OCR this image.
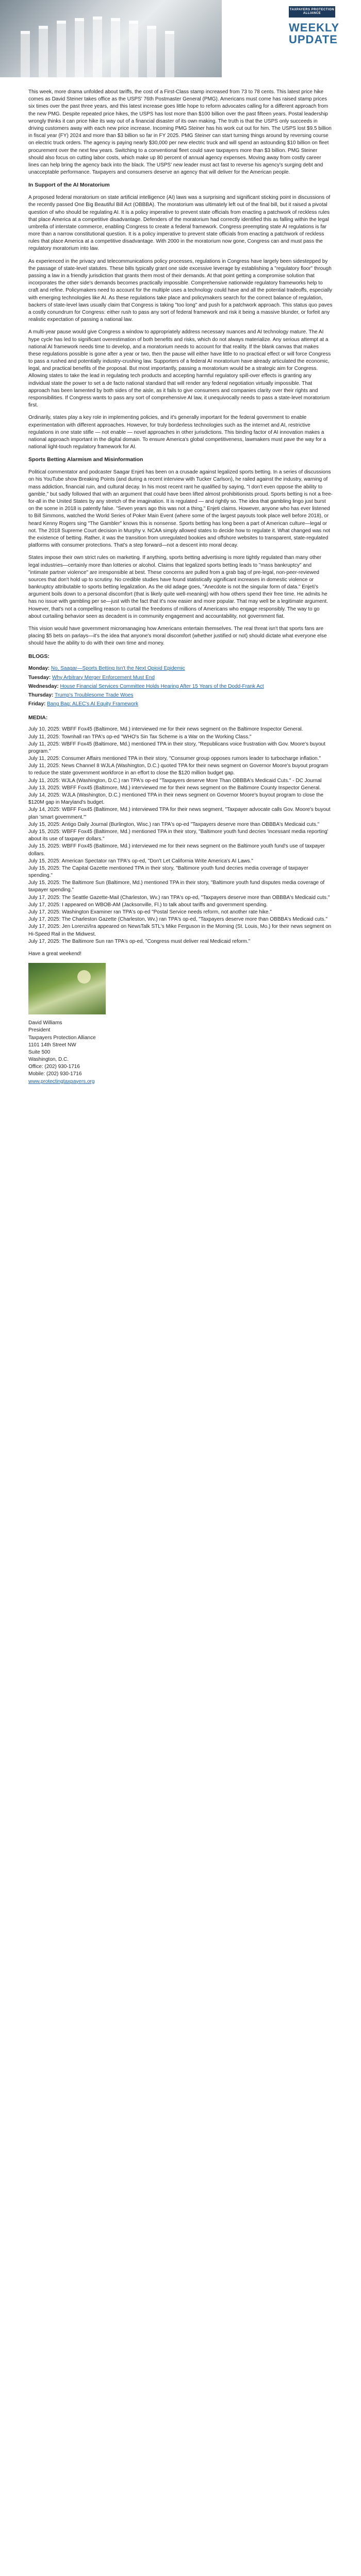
TAXPAYERS PROTECTION ALLIANCE
WEEKLY
UPDATE

This week, more drama unfolded about tariffs, the cost of a First-Class stamp increased from 73 to 78 cents. This latest price hike comes as David Steiner takes office as the USPS' 76th Postmaster General (PMG). Americans must come has raised stamp prices six times over the past three years, and this latest increase goes little hope to reform advocates calling for a different approach from the new PMG. Despite repeated price hikes, the USPS has lost more than $100 billion over the past fifteen years. Postal leadership wrongly thinks it can price hike its way out of a financial disaster of its own making. The truth is that the USPS only succeeds in driving customers away with each new price increase. Incoming PMG Steiner has his work cut out for him. The USPS lost $9.5 billion in fiscal year (FY) 2024 and more than $3 billion so far in FY 2025. PMG Steiner can start turning things around by reversing course on electric truck orders. The agency is paying nearly $30,000 per new electric truck and will spend an astounding $10 billion on fleet procurement over the next few years. Switching to a conventional fleet could save taxpayers more than $3 billion. PMG Steiner should also focus on cutting labor costs, which make up 80 percent of annual agency expenses. Moving away from costly career lines can help bring the agency back into the black. The USPS' new leader must act fast to reverse his agency's surging debt and unacceptable performance. Taxpayers and consumers deserve an agency that will deliver for the American people.

In Support of the AI Moratorium

A proposed federal moratorium on state artificial intelligence (AI) laws was a surprising and significant sticking point in discussions of the recently passed One Big Beautiful Bill Act (OBBBA). The moratorium was ultimately left out of the final bill, but it raised a pivotal question of who should be regulating AI. It is a policy imperative to prevent state officials from enacting a patchwork of reckless rules that place America at a competitive disadvantage. Defenders of the moratorium had correctly identified this as falling within the legal umbrella of interstate commerce, enabling Congress to create a federal framework. Congress preempting state AI regulations is far more than a narrow constitutional question. It is a policy imperative to prevent state officials from enacting a patchwork of reckless rules that place America at a competitive disadvantage. With 2000 in the moratorium now gone, Congress can and must pass the regulatory moratorium into law.

As experienced in the privacy and telecommunications policy processes, regulations in Congress have largely been sidestepped by the passage of state-level statutes. These bills typically grant one side excessive leverage by establishing a "regulatory floor" through passing a law in a friendly jurisdiction that grants them most of their demands. At that point getting a compromise solution that incorporates the other side's demands becomes practically impossible. Comprehensive nationwide regulatory frameworks help to craft and refine. Policymakers need to account for the multiple uses a technology could have and all the potential tradeoffs, especially with emerging technologies like AI. As these regulations take place and policymakers search for the correct balance of regulation, backers of state-level laws usually claim that Congress is taking "too long" and push for a patchwork approach. This status quo paves a costly conundrum for Congress: either rush to pass any sort of federal framework and risk it being a massive blunder, or forfeit any realistic expectation of passing a national law.

A multi-year pause would give Congress a window to appropriately address necessary nuances and AI technology mature. The AI hype cycle has led to significant overestimation of both benefits and risks, which do not always materialize. Any serious attempt at a national AI framework needs time to develop, and a moratorium needs to account for that reality. If the blank canvas that makes these regulations possible is gone after a year or two, then the pause will either have little to no practical effect or will force Congress to pass a rushed and potentially industry-crushing law. Supporters of a federal AI moratorium have already articulated the economic, legal, and practical benefits of the proposal. But most importantly, passing a moratorium would be a strategic aim for Congress. Allowing states to take the lead in regulating tech products and accepting harmful regulatory spill-over effects is granting any individual state the power to set a de facto national standard that will render any federal negotiation virtually impossible. That approach has been lamented by both sides of the aisle, as it fails to give consumers and companies clarity over their rights and responsibilities. If Congress wants to pass any sort of comprehensive AI law, it unequivocally needs to pass a state-level moratorium first.

Ordinarily, states play a key role in implementing policies, and it's generally important for the federal government to enable experimentation with different approaches. However, for truly borderless technologies such as the internet and AI, restrictive regulations in one state stifle — not enable — novel approaches in other jurisdictions. This binding factor of AI innovation makes a national approach important in the digital domain. To ensure America's global competitiveness, lawmakers must pave the way for a national light-touch regulatory framework for AI.

Sports Betting Alarmism and Misinformation

Political commentator and podcaster Saagar Enjeti has been on a crusade against legalized sports betting. In a series of discussions on his YouTube show Breaking Points (and during a recent interview with Tucker Carlson), he railed against the industry, warning of mass addiction, financial ruin, and cultural decay. In his most recent rant he qualified by saying, "I don't even oppose the ability to gamble," but sadly followed that with an argument that could have been lifted almost prohibitionists proud. Sports betting is not a free-for-all in the United States by any stretch of the imagination. It is regulated — and rightly so. The idea that gambling lingo just burst on the scene in 2018 is patently false. "Seven years ago this was not a thing," Enjeti claims. However, anyone who has ever listened to Bill Simmons, watched the World Series of Poker Main Event (where some of the largest payouts took place well before 2018), or heard Kenny Rogers sing "The Gambler" knows this is nonsense. Sports betting has long been a part of American culture—legal or not. The 2018 Supreme Court decision in Murphy v. NCAA simply allowed states to decide how to regulate it. What changed was not the existence of betting. Rather, it was the transition from unregulated bookies and offshore websites to transparent, state-regulated platforms with consumer protections. That's a step forward—not a descent into moral decay.

States impose their own strict rules on marketing. If anything, sports betting advertising is more tightly regulated than many other legal industries—certainly more than lotteries or alcohol. Claims that legalized sports betting leads to "mass bankruptcy" and "intimate partner violence" are irresponsible at best. These concerns are pulled from a grab bag of pre-legal, non-peer-reviewed sources that don't hold up to scrutiny. No credible studies have found statistically significant increases in domestic violence or bankruptcy attributable to sports betting legalization. As the old adage goes, "Anecdote is not the singular form of data." Enjeti's argument boils down to a personal discomfort (that is likely quite well-meaning) with how others spend their free time. He admits he has no issue with gambling per se—just with the fact that it's now easier and more popular. That may well be a legitimate argument. However, that's not a compelling reason to curtail the freedoms of millions of Americans who engage responsibly. The way to go about curtailing behavior seen as decadent is in community engagement and accountability, not government fiat.

This vision would have government micromanaging how Americans entertain themselves. The real threat isn't that sports fans are placing $5 bets on parlays—it's the idea that anyone's moral discomfort (whether justified or not) should dictate what everyone else should have the ability to do with their own time and money.

BLOGS:
Monday: No, Saagar—Sports Betting Isn't the Next Opioid Epidemic
Tuesday: Why Arbitrary Merger Enforcement Must End
Wednesday: House Financial Services Committee Holds Hearing After 15 Years of the Dodd-Frank Act
Thursday: Trump's Troublesome Trade Woes
Friday: Bang Bag: ALEC's AI Equity Framework
MEDIA:
July 10, 2025: WBFF Fox45 (Baltimore, Md.) interviewed me for their news segment on the Baltimore Inspector General.
July 11, 2025: Townhall ran TPA's op-ed "WHO's Sin Tax Scheme is a War on the Working Class."
July 11, 2025: WBFF Fox45 (Baltimore, Md.) mentioned TPA in their story, "Republicans voice frustration with Gov. Moore's buyout program."
July 11, 2025: Consumer Affairs mentioned TPA in their story, "Consumer group opposes rumors leader to turbocharge inflation."
July 11, 2025: News Channel 8 WJLA (Washington, D.C.) quoted TPA for their news segment on Governor Moore's buyout program to reduce the state government workforce in an effort to close the $120 million budget gap.
July 11, 2025: WJLA (Washington, D.C.) ran TPA's op-ed "Taxpayers deserve More Than OBBBA's Medicaid Cuts." - DC Journal
July 13, 2025: WBFF Fox45 (Baltimore, Md.) interviewed me for their news segment on the Baltimore County Inspector General.
July 14, 2025: WJLA (Washington, D.C.) mentioned TPA in their news segment on Governor Moore's buyout program to close the $120M gap in Maryland's budget.
July 14, 2025: WBFF Fox45 (Baltimore, Md.) interviewed TPA for their news segment, "Taxpayer advocate calls Gov. Moore's buyout plan 'smart government.'"
July 15, 2025: Antigo Daily Journal (Burlington, Wisc.) ran TPA's op-ed "Taxpayers deserve more than OBBBA's Medicaid cuts."
July 15, 2025: WBFF Fox45 (Baltimore, Md.) mentioned TPA in their story, "Baltimore youth fund decries 'incessant media reporting' about its use of taxpayer dollars."
July 15, 2025: WBFF Fox45 (Baltimore, Md.) interviewed me for their news segment on the Baltimore youth fund's use of taxpayer dollars.
July 15, 2025: American Spectator ran TPA's op-ed, "Don't Let California Write America's AI Laws."
July 15, 2025: The Capital Gazette mentioned TPA in their story, "Baltimore youth fund decries media coverage of taxpayer spending."
July 15, 2025: The Baltimore Sun (Baltimore, Md.) mentioned TPA in their story, "Baltimore youth fund disputes media coverage of taxpayer spending."
July 17, 2025: The Seattle Gazette-Mail (Charleston, Wv.) ran TPA's op-ed, "Taxpayers deserve more than OBBBA's Medicaid cuts."
July 17, 2025: I appeared on WBOB-AM (Jacksonville, Fl.) to talk about tariffs and government spending.
July 17, 2025: Washington Examiner ran TPA's op-ed "Postal Service needs reform, not another rate hike."
July 17, 2025: The Charleston Gazette (Charleston, Wv.) ran TPA's op-ed, "Taxpayers deserve more than OBBBA's Medicaid cuts."
July 17, 2025: Jen Lorenzi/Ira appeared on NewsTalk STL's Mike Ferguson in the Morning (St. Louis, Mo.) for their news segment on Hi-Speed Rail in the Midwest.
July 17, 2025: The Baltimore Sun ran TPA's op-ed, "Congress must deliver real Medicaid reform."

Have a great weekend!

David Williams

President

Taxpayers Protection Alliance

1101 14th Street NW

Suite 500

Washington, D.C.

Office: (202) 930-1716

Mobile: (202) 930-1716

www.protectingtaxpayers.org
